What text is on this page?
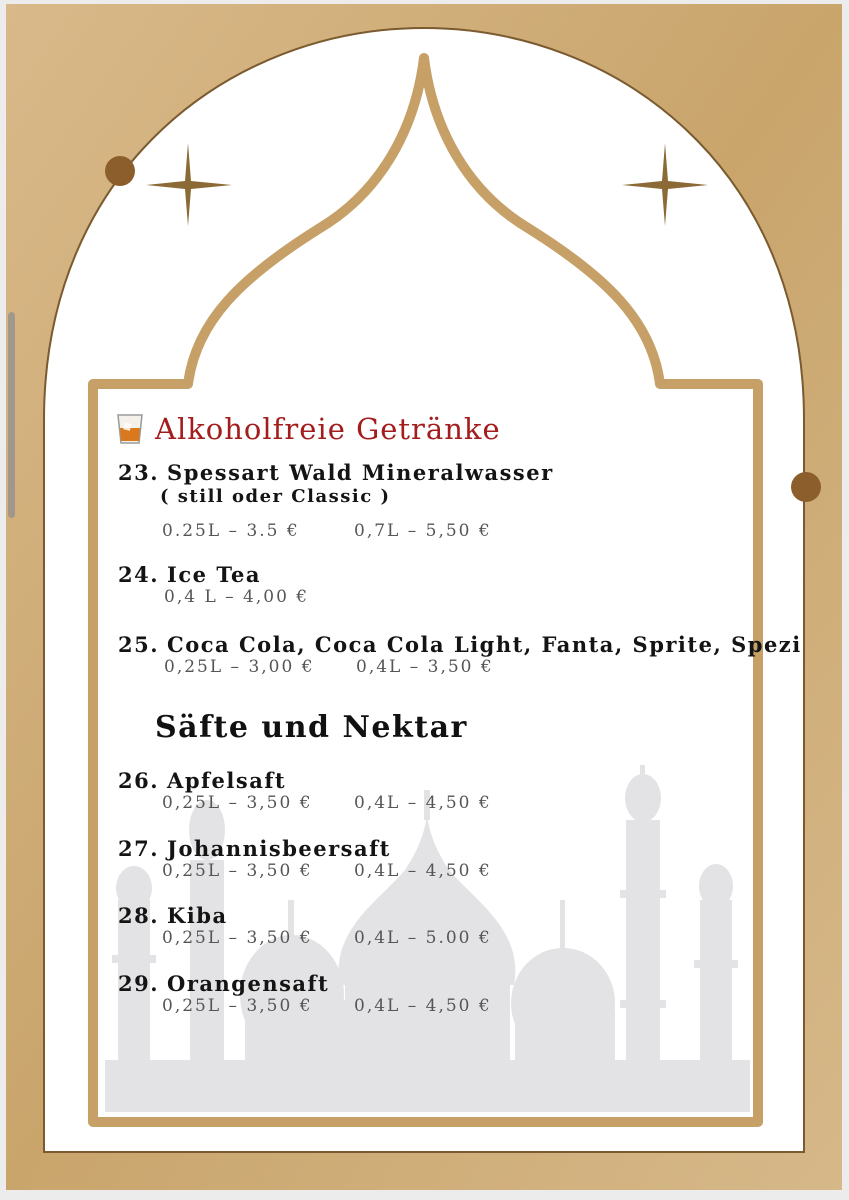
Alkoholfreie Getränke
23. Spessart Wald Mineralwasser
( still oder Classic )
0.25L – 3.5 €	0,7L – 5,50 €
24. Ice Tea
0,4 L – 4,00 €
25. Coca Cola, Coca Cola Light, Fanta, Sprite, Spezi
0,25L – 3,00 €	0,4L – 3,50 €
Säfte und Nektar
26. Apfelsaft
0,25L – 3,50 €	0,4L – 4,50 €
27. Johannisbeersaft
0,25L – 3,50 €	0,4L – 4,50 €
28. Kiba
0,25L – 3,50 €	0,4L – 5.00 €
29. Orangensaft
0,25L – 3,50 €	0,4L – 4,50 €
